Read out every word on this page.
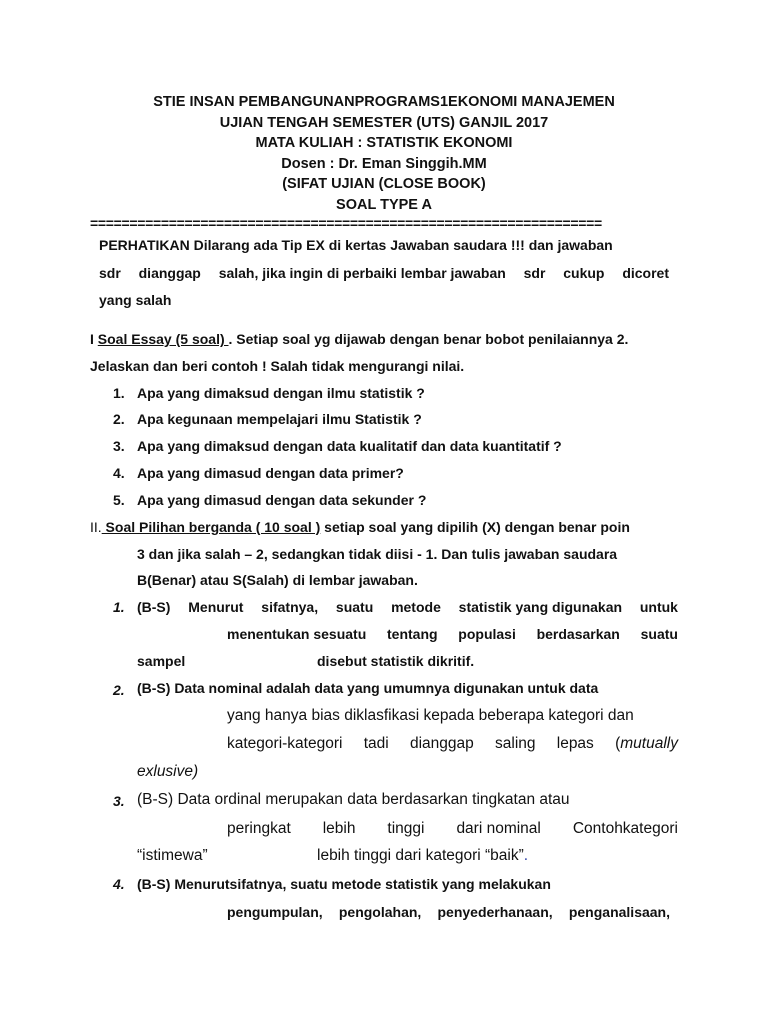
STIE INSAN PEMBANGUNANPROGRAMS1EKONOMI MANAJEMEN
UJIAN TENGAH SEMESTER (UTS) GANJIL 2017
MATA KULIAH : STATISTIK EKONOMI
Dosen : Dr. Eman Singgih.MM
(SIFAT UJIAN (CLOSE BOOK)
SOAL TYPE A
=================================================================
PERHATIKAN Dilarang ada Tip EX di kertas Jawaban saudara !!! dan jawaban
sdr dianggap salah, jika ingin di perbaiki lembar jawaban sdr cukup dicoret
yang salah
I Soal Essay (5 soal) . Setiap soal yg dijawab dengan benar bobot penilaiannya 2.
Jelaskan dan beri contoh ! Salah tidak mengurangi nilai.
1. Apa yang dimaksud dengan ilmu statistik ?
2. Apa kegunaan mempelajari ilmu Statistik ?
3. Apa yang dimaksud dengan data kualitatif dan data kuantitatif ?
4. Apa yang dimasud dengan data primer?
5. Apa yang dimasud dengan data sekunder ?
II. Soal Pilihan berganda ( 10 soal ) setiap soal yang dipilih (X) dengan benar poin
3 dan jika salah – 2, sedangkan tidak diisi - 1. Dan tulis jawaban saudara
B(Benar) atau S(Salah) di lembar jawaban.
1. (B-S) Menurut sifatnya, suatu metode statistik yang digunakan untuk
menentukan sesuatu tentang populasi berdasarkan suatu
sampel	disebut statistik dikritif.
2. (B-S) Data nominal adalah data yang umumnya digunakan untuk data
yang hanya bias diklasfikasi kepada beberapa kategori dan
kategori-kategori tadi dianggap saling lepas (mutually
exlusive)
3. (B-S) Data ordinal merupakan data berdasarkan tingkatan atau
peringkat lebih tinggi dari nominal Contohkategori
“istimewa”	lebih tinggi dari kategori “baik”.
4. (B-S) Menurutsifatnya, suatu metode statistik yang melakukan
pengumpulan, pengolahan, penyederhanaan, penganalisaan,
